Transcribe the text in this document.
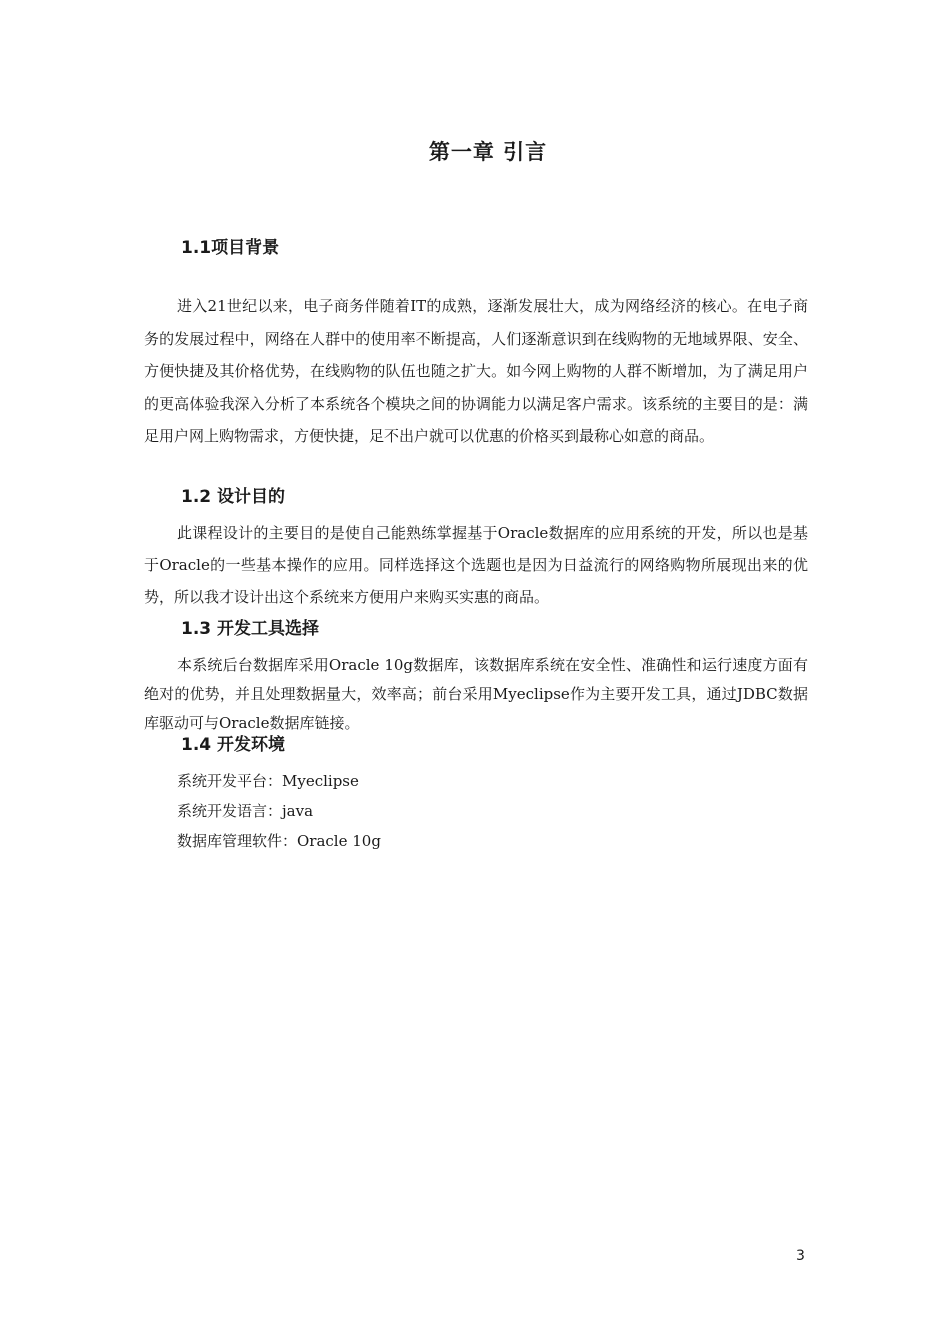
第一章 引言
1.1项目背景

进入21世纪以来，电子商务伴随着IT的成熟，逐渐发展壮大，成为网络经济的核心。在电子商务的发展过程中，网络在人群中的使用率不断提高，人们逐渐意识到在线购物的无地域界限、安全、方便快捷及其价格优势，在线购物的队伍也随之扩大。如今网上购物的人群不断增加，为了满足用户的更高体验我深入分析了本系统各个模块之间的协调能力以满足客户需求。该系统的主要目的是：满足用户网上购物需求，方便快捷，足不出户就可以优惠的价格买到最称心如意的商品。

1.2 设计目的

此课程设计的主要目的是使自己能熟练掌握基于Oracle数据库的应用系统的开发，所以也是基于Oracle的一些基本操作的应用。同样选择这个选题也是因为日益流行的网络购物所展现出来的优势，所以我才设计出这个系统来方便用户来购买实惠的商品。

1.3 开发工具选择

本系统后台数据库采用Oracle 10g数据库，该数据库系统在安全性、准确性和运行速度方面有绝对的优势，并且处理数据量大，效率高；前台采用Myeclipse作为主要开发工具，通过JDBC数据库驱动可与Oracle数据库链接。

1.4 开发环境

系统开发平台：Myeclipse

系统开发语言：java

数据库管理软件：Oracle 10g

3
